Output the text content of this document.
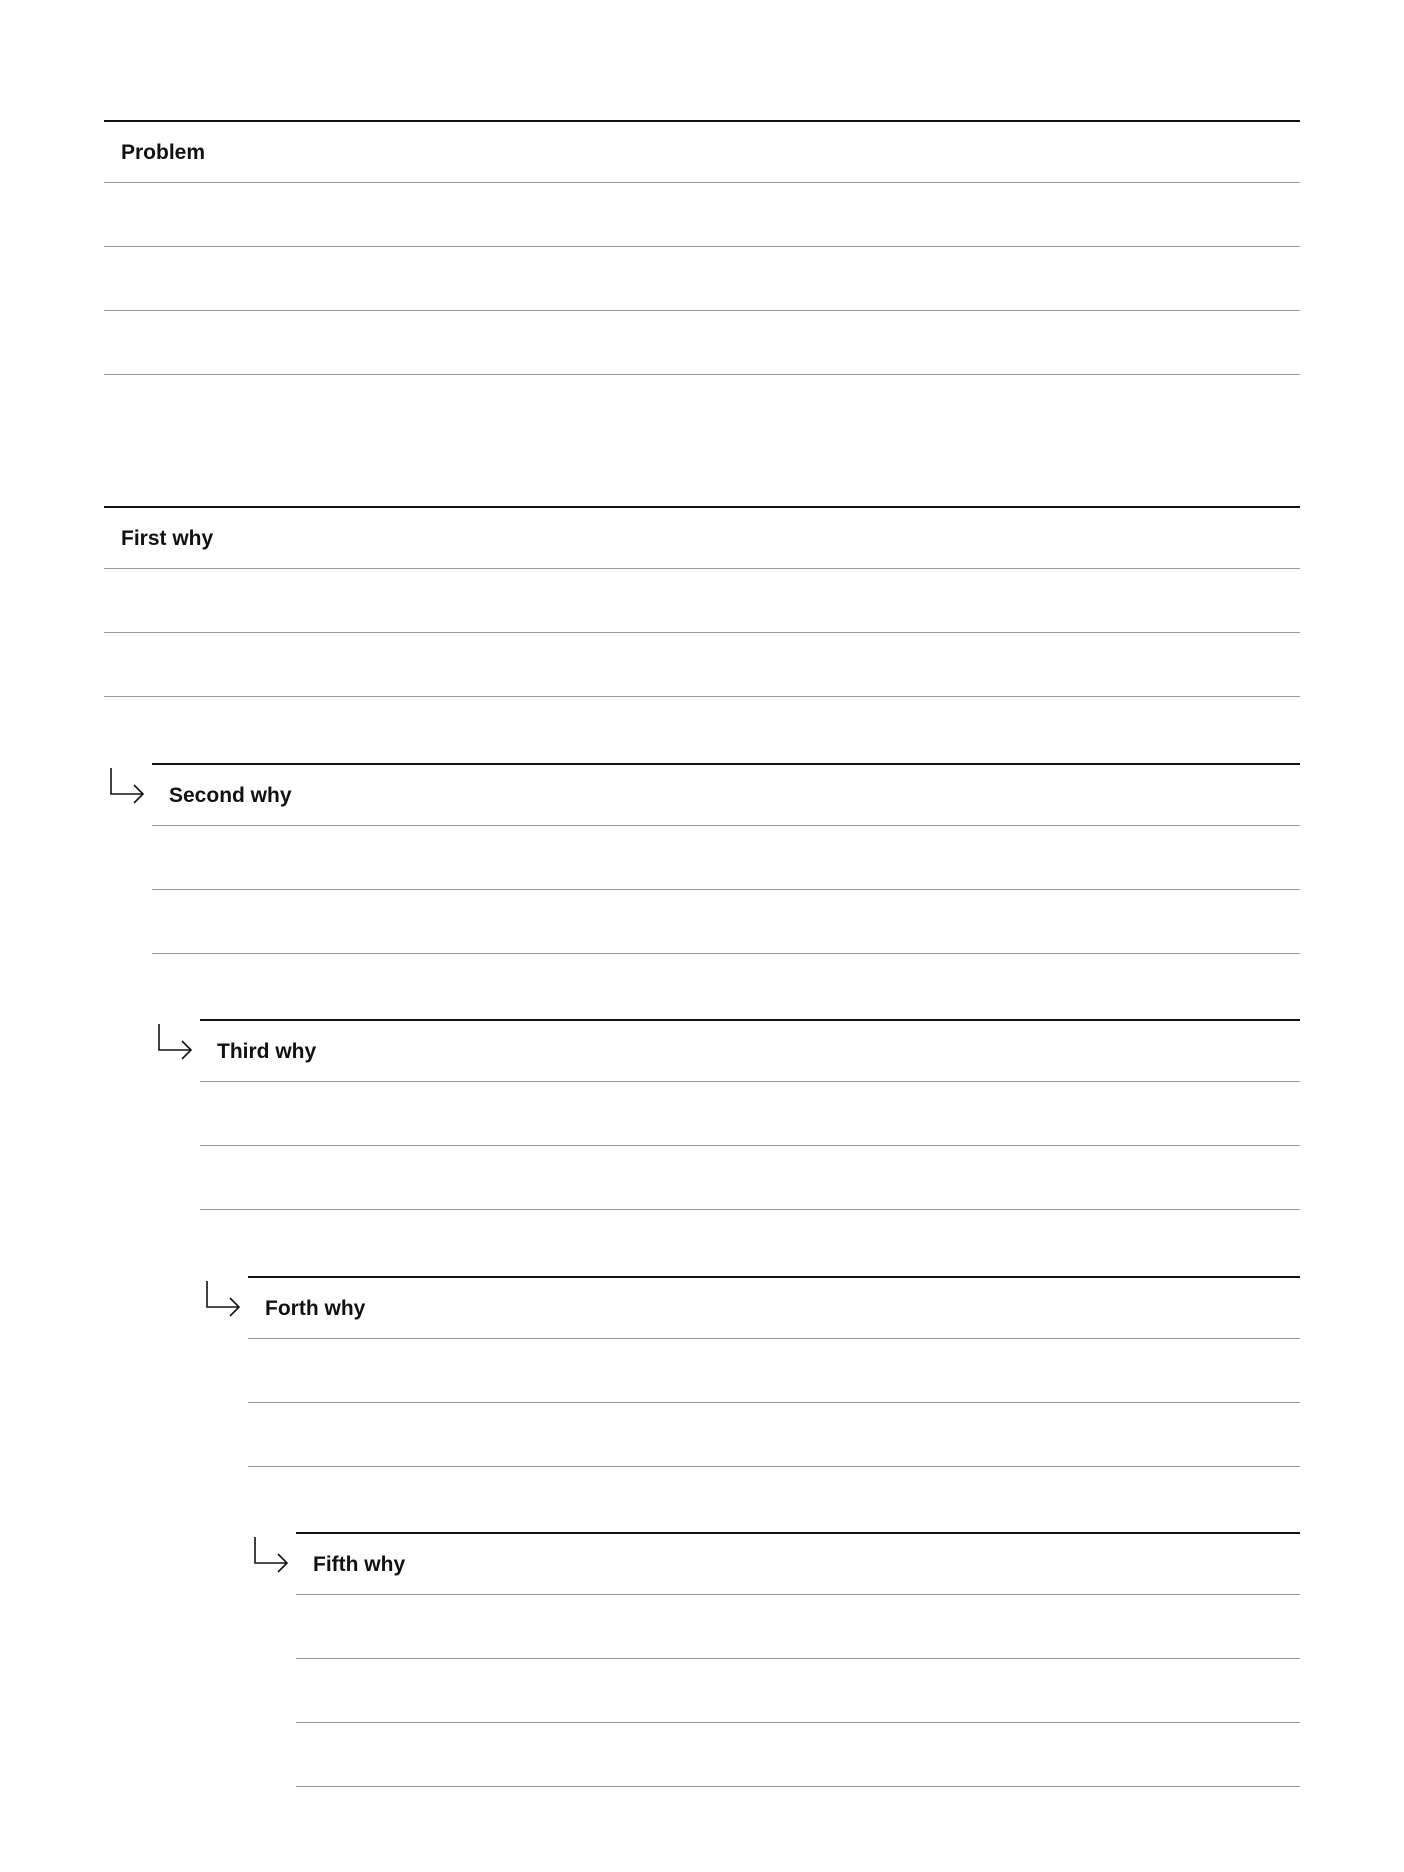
Problem
First why
Second why
Third why
Forth why
Fifth why
